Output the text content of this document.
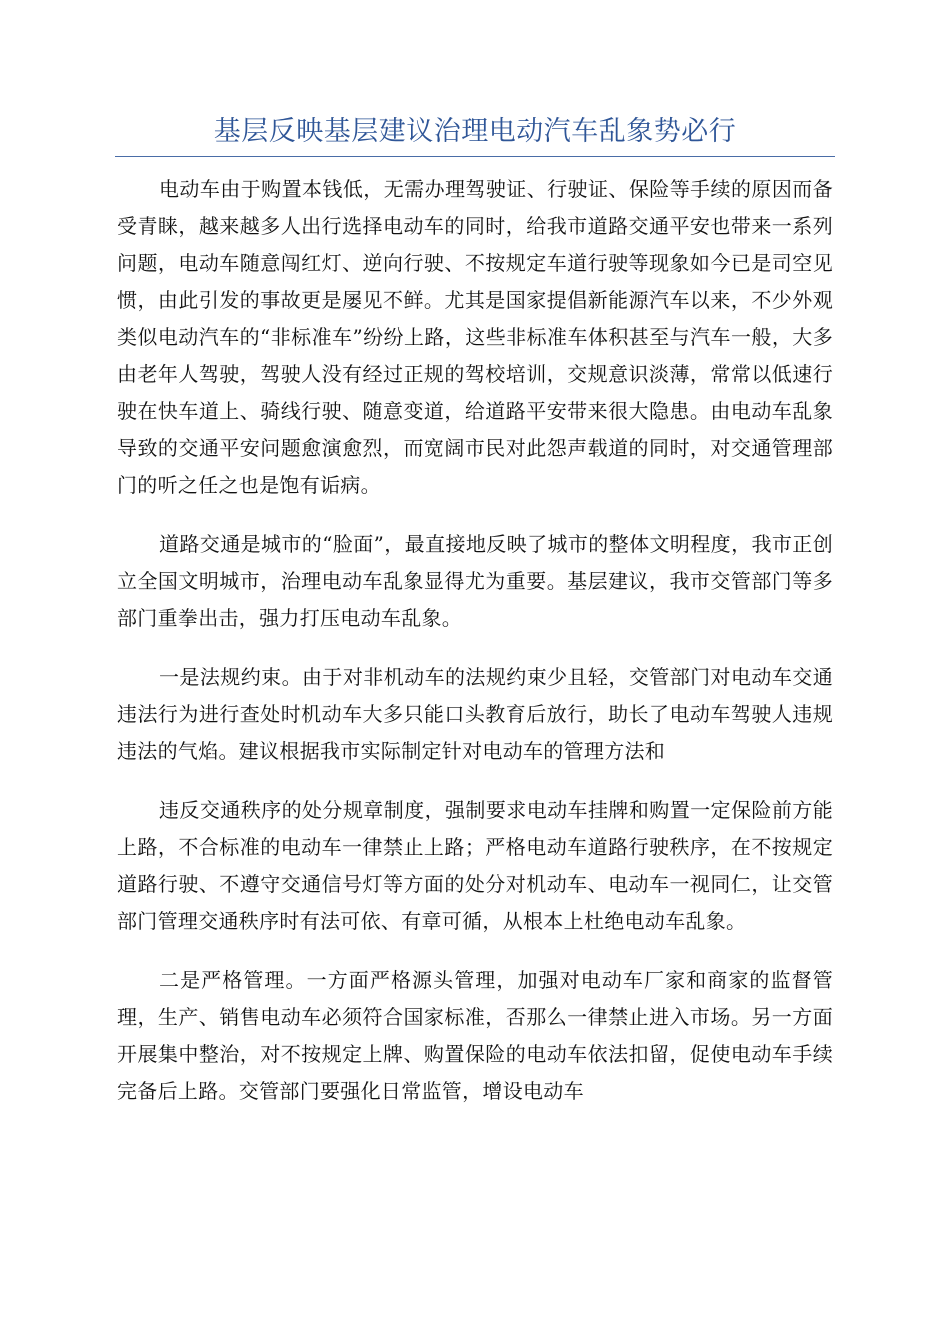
基层反映基层建议治理电动汽车乱象势必行

电动车由于购置本钱低，无需办理驾驶证、行驶证、保险等手续的原因而备受青睐，越来越多人出行选择电动车的同时，给我市道路交通平安也带来一系列问题，电动车随意闯红灯、逆向行驶、不按规定车道行驶等现象如今已是司空见惯，由此引发的事故更是屡见不鲜。尤其是国家提倡新能源汽车以来，不少外观类似电动汽车的“非标准车”纷纷上路，这些非标准车体积甚至与汽车一般，大多由老年人驾驶，驾驶人没有经过正规的驾校培训，交规意识淡薄，常常以低速行驶在快车道上、骑线行驶、随意变道，给道路平安带来很大隐患。由电动车乱象导致的交通平安问题愈演愈烈，而宽阔市民对此怨声载道的同时，对交通管理部门的听之任之也是饱有诟病。

道路交通是城市的“脸面”，最直接地反映了城市的整体文明程度，我市正创立全国文明城市，治理电动车乱象显得尤为重要。基层建议，我市交管部门等多部门重拳出击，强力打压电动车乱象。

一是法规约束。由于对非机动车的法规约束少且轻，交管部门对电动车交通违法行为进行查处时机动车大多只能口头教育后放行，助长了电动车驾驶人违规违法的气焰。建议根据我市实际制定针对电动车的管理方法和

违反交通秩序的处分规章制度，强制要求电动车挂牌和购置一定保险前方能上路，不合标准的电动车一律禁止上路；严格电动车道路行驶秩序，在不按规定道路行驶、不遵守交通信号灯等方面的处分对机动车、电动车一视同仁，让交管部门管理交通秩序时有法可依、有章可循，从根本上杜绝电动车乱象。

二是严格管理。一方面严格源头管理，加强对电动车厂家和商家的监督管理，生产、销售电动车必须符合国家标准，否那么一律禁止进入市场。另一方面开展集中整治，对不按规定上牌、购置保险的电动车依法扣留，促使电动车手续完备后上路。交管部门要强化日常监管，增设电动车
